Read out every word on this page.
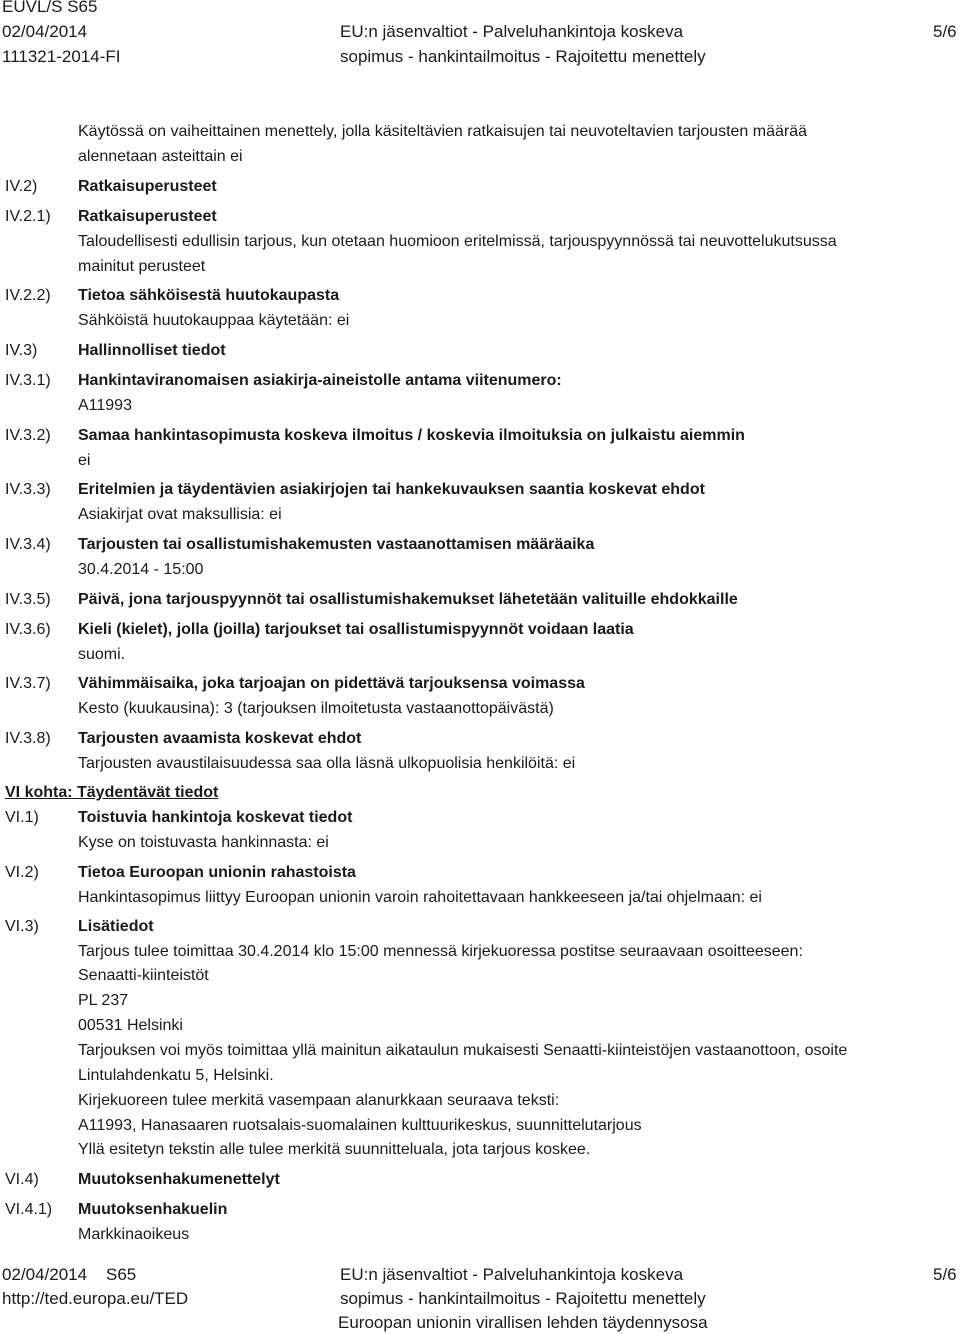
EUVL/S S65
02/04/2014
111321-2014-FI
EU:n jäsenvaltiot - Palveluhankintoja koskeva
sopimus - hankintailmoitus - Rajoitettu menettely
5/6
Käytössä on vaiheittainen menettely, jolla käsiteltävien ratkaisujen tai neuvoteltavien tarjousten määrää
alennetaan asteittain ei
IV.2)	Ratkaisuperusteet
IV.2.1) Ratkaisuperusteet
Taloudellisesti edullisin tarjous, kun otetaan huomioon eritelmissä, tarjouspyynnössä tai neuvottelukutsussa
mainitut perusteet
IV.2.2) Tietoa sähköisestä huutokaupasta
Sähköistä huutokauppaa käytetään: ei
IV.3)	Hallinnolliset tiedot
IV.3.1) Hankintaviranomaisen asiakirja-aineistolle antama viitenumero:
A11993
IV.3.2) Samaa hankintasopimusta koskeva ilmoitus / koskevia ilmoituksia on julkaistu aiemmin
ei
IV.3.3) Eritelmien ja täydentävien asiakirjojen tai hankekuvauksen saantia koskevat ehdot
Asiakirjat ovat maksullisia: ei
IV.3.4) Tarjousten tai osallistumishakemusten vastaanottamisen määräaika
30.4.2014 - 15:00
IV.3.5) Päivä, jona tarjouspyynnöt tai osallistumishakemukset lähetetään valituille ehdokkaille
IV.3.6) Kieli (kielet), jolla (joilla) tarjoukset tai osallistumispyynnöt voidaan laatia
suomi.
IV.3.7) Vähimmäisaika, joka tarjoajan on pidettävä tarjouksensa voimassa
Kesto (kuukausina): 3 (tarjouksen ilmoitetusta vastaanottopäivästä)
IV.3.8) Tarjousten avaamista koskevat ehdot
Tarjousten avaustilaisuudessa saa olla läsnä ulkopuolisia henkilöitä: ei
VI kohta: Täydentävät tiedot
VI.1) Toistuvia hankintoja koskevat tiedot
Kyse on toistuvasta hankinnasta: ei
VI.2) Tietoa Euroopan unionin rahastoista
Hankintasopimus liittyy Euroopan unionin varoin rahoitettavaan hankkeeseen ja/tai ohjelmaan: ei
VI.3) Lisätiedot
Tarjous tulee toimittaa 30.4.2014 klo 15:00 mennessä kirjekuoressa postitse seuraavaan osoitteeseen:
Senaatti-kiinteistöt
PL 237
00531 Helsinki
Tarjouksen voi myös toimittaa yllä mainitun aikataulun mukaisesti Senaatti-kiinteistöjen vastaanottoon, osoite
Lintulahdenkatu 5, Helsinki.
Kirjekuoreen tulee merkitä vasempaan alanurkkaan seuraava teksti:
A11993, Hanasaaren ruotsalais-suomalainen kulttuurikeskus, suunnittelutarjous
Yllä esitetyn tekstin alle tulee merkitä suunnitteluala, jota tarjous koskee.
VI.4) Muutoksenhakumenettelyt
VI.4.1) Muutoksenhakuelin
Markkinaoikeus
02/04/2014    S65
http://ted.europa.eu/TED
EU:n jäsenvaltiot - Palveluhankintoja koskeva
sopimus - hankintailmoitus - Rajoitettu menettely
Euroopan unionin virallisen lehden täydennysosa
5/6
